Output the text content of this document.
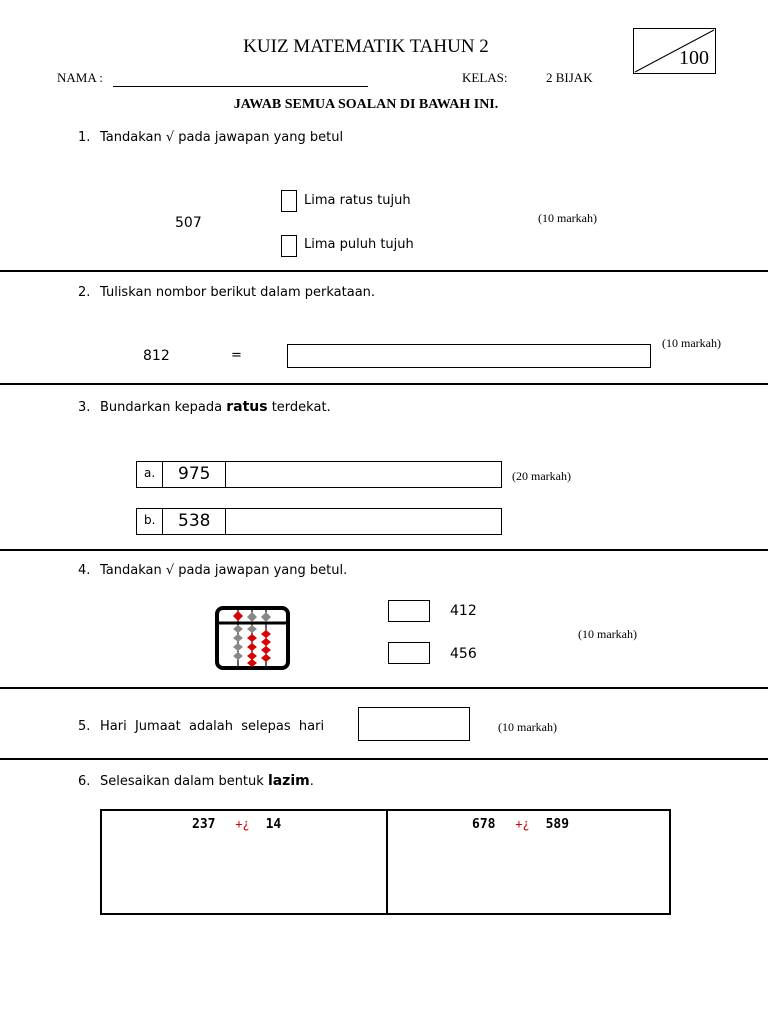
KUIZ MATEMATIK TAHUN 2
100
NAMA :	KELAS:	2 BIJAK
JAWAB SEMUA SOALAN DI BAWAH INI.
1. Tandakan √ pada jawapan yang betul
507
Lima ratus tujuh
Lima puluh tujuh
(10 markah)
2. Tuliskan nombor berikut dalam perkataan.
812	=
(10 markah)
3. Bundarkan kepada ratus terdekat.
a. 975
b. 538
(20 markah)
4. Tandakan √ pada jawapan yang betul.
412
456
(10 markah)
5. Hari  Jumaat  adalah  selepas  hari	(10 markah)
6. Selesaikan dalam bentuk lazim.
237 +¿ 14	678 +¿ 589
